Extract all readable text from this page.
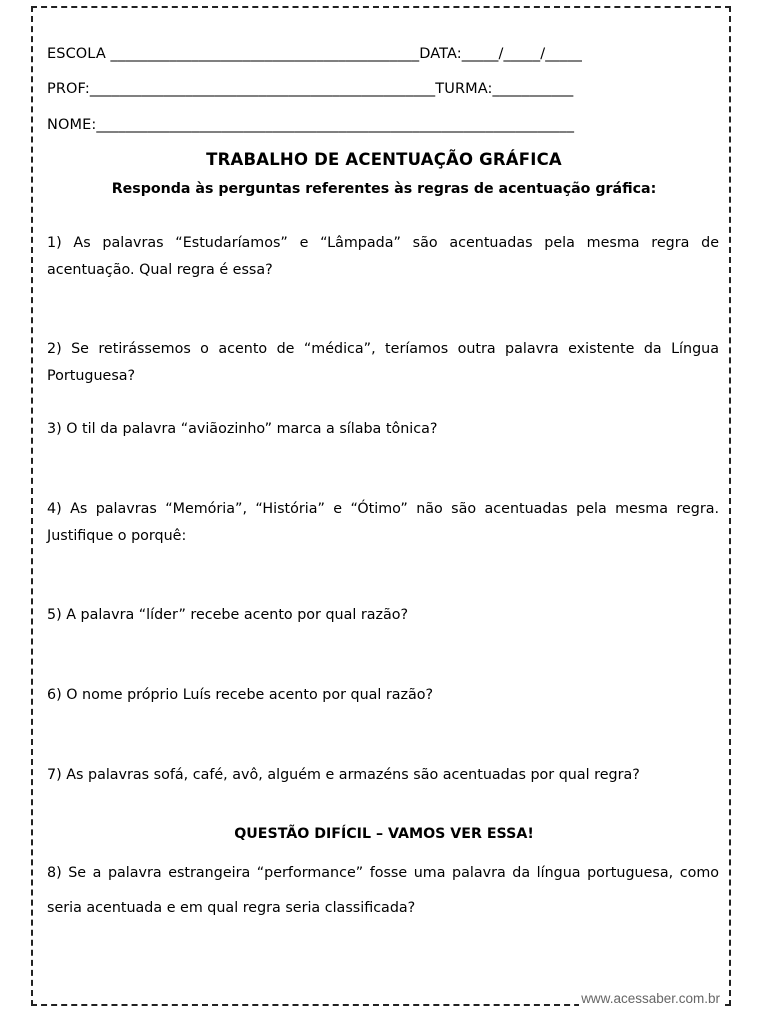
ESCOLA __________________________________________DATA:_____/_____/_____
PROF:_______________________________________________TURMA:___________
NOME:_________________________________________________________________
TRABALHO DE ACENTUAÇÃO GRÁFICA
Responda às perguntas referentes às regras de acentuação gráfica:
1) As palavras “Estudaríamos” e “Lâmpada” são acentuadas pela mesma regra de acentuação. Qual regra é essa?
2) Se retirássemos o acento de “médica”, teríamos outra palavra existente da Língua Portuguesa?
3) O til da palavra “aviãozinho” marca a sílaba tônica?
4) As palavras “Memória”, “História” e “Ótimo” não são acentuadas pela mesma regra. Justifique o porquê:
5) A palavra “líder” recebe acento por qual razão?
6) O nome próprio Luís recebe acento por qual razão?
7) As palavras sofá, café, avô, alguém e armazéns são acentuadas por qual regra?
QUESTÃO DIFÍCIL – VAMOS VER ESSA!
8) Se a palavra estrangeira “performance” fosse uma palavra da língua portuguesa, como seria acentuada e em qual regra seria classificada?
www.acessaber.com.br
